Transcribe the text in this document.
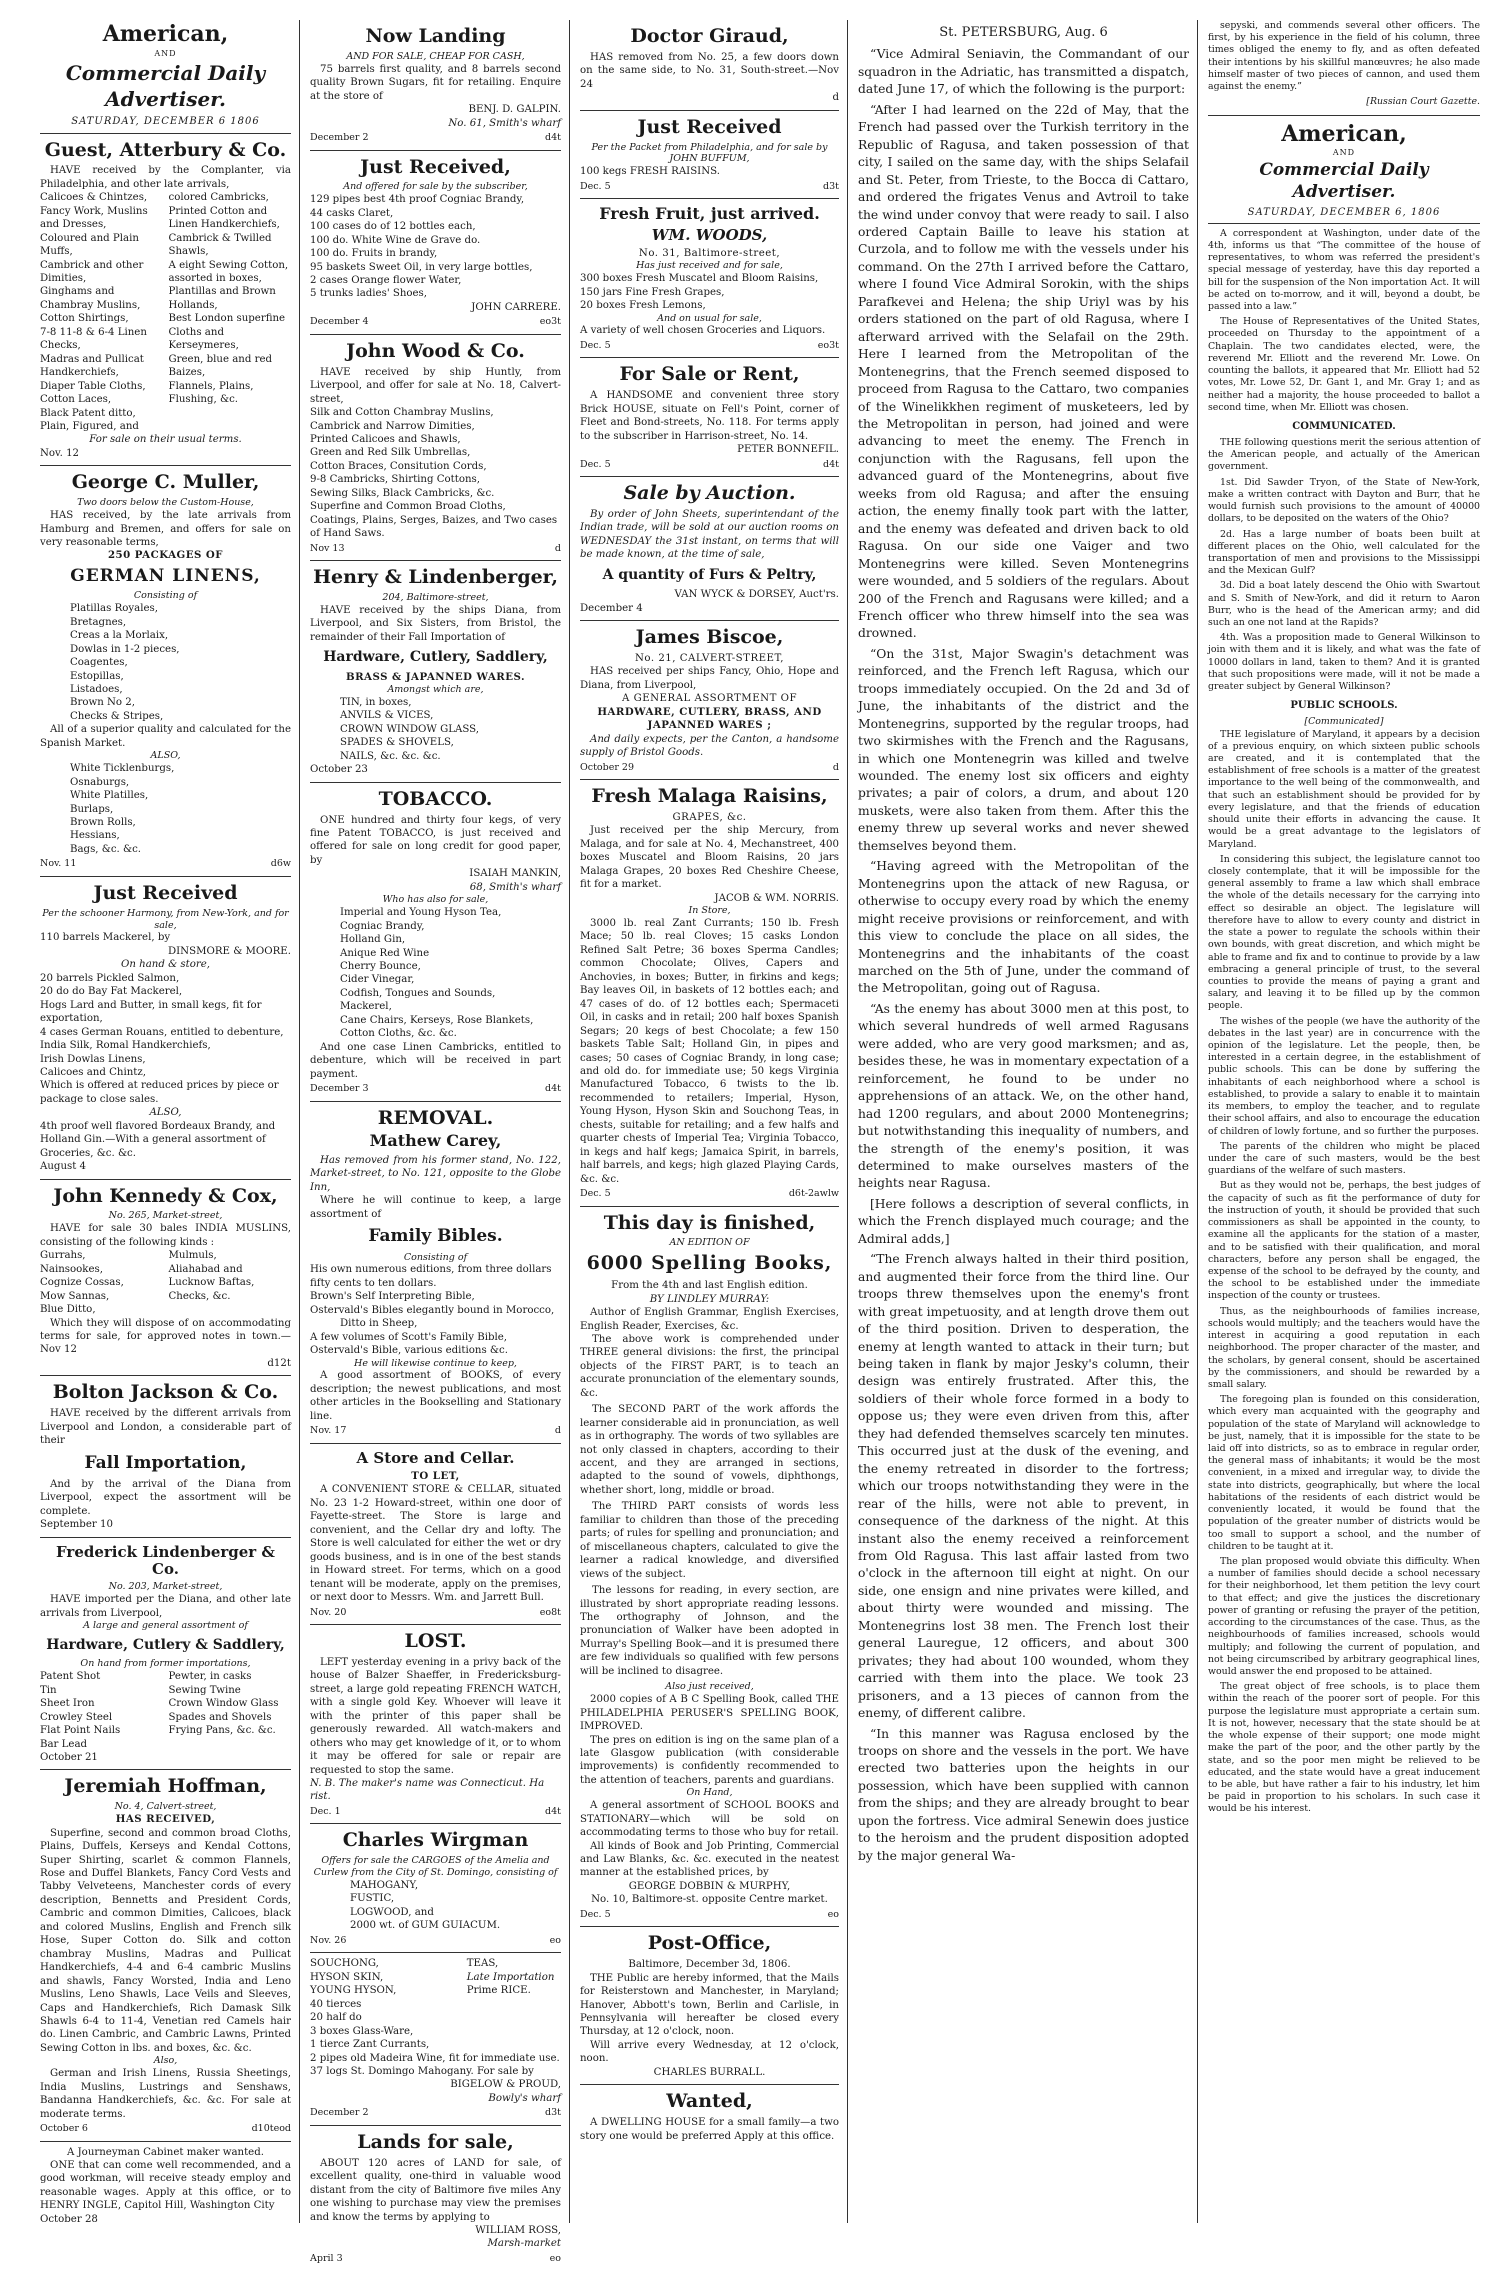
American,
AND
Commercial Daily Advertiser.
SATURDAY, DECEMBER 6 1806
Guest, Atterbury & Co.
HAVE received by the Complanter, via Philadelphia, and other late arrivals,
Calicoes & Chintzes,
Fancy Work, Muslins and Dresses,
Coloured and Plain Muffs,
Cambrick and other Dimities,
Ginghams and Chambray Muslins,
Cotton Shirtings,
7-8 11-8 & 6-4 Linen Checks,
Madras and Pullicat Handkerchiefs,
Diaper Table Cloths,
Cotton Laces,
Black Patent ditto,
Plain, Figured, and
colored Cambricks,
Printed Cotton and Linen Handkerchiefs,
Cambrick & Twilled Shawls,
A eight Sewing Cotton, assorted in boxes,
Plantillas and Brown Hollands,
Best London superfine Cloths and Kerseymeres,
Green, blue and red Baizes,
Flannels, Plains, Flushing, &c.
For sale on their usual terms.
Nov. 12
George C. Muller,
Two doors below the Custom-House,
HAS received, by the late arrivals from Hamburg and Bremen, and offers for sale on very reasonable terms,
250 PACKAGES OF
GERMAN LINENS,
Consisting of
Platillas Royales,
Bretagnes,
Creas a la Morlaix,
Dowlas in 1-2 pieces,
Coagentes,
Estopillas,
Listadoes,
Brown No 2,
Checks & Stripes,
All of a superior quality and calculated for the Spanish Market.
ALSO,
White Ticklenburgs,
Osnaburgs,
White Platilles,
Burlaps,
Brown Rolls,
Hessians,
Bags, &c. &c.
Nov. 11	d6w
Just Received
Per the schooner Harmony, from New-York, and for sale,
110 barrels Mackerel, by
DINSMORE & MOORE.
On hand & store,
20 barrels Pickled Salmon,
20 do do Bay Fat Mackerel,
Hogs Lard and Butter, in small kegs, fit for exportation,
4 cases German Rouans, entitled to debenture,
India Silk, Romal Handkerchiefs,
Irish Dowlas Linens,
Calicoes and Chintz,
Which is offered at reduced prices by piece or package to close sales.
ALSO,
4th proof well flavored Bordeaux Brandy, and Holland Gin.—With a general assortment of Groceries, &c. &c.
August 4
John Kennedy & Cox,
No. 265, Market-street,
HAVE for sale 30 bales INDIA MUSLINS, consisting of the following kinds :
Gurrahs,
Nainsookes,
Cognize Cossas,
Mow Sannas,
Blue Ditto,
Mulmuls,
Aliahabad and Lucknow Baftas,
Checks, &c.
Which they will dispose of on accommodating terms for sale, for approved notes in town.—Nov 12
d12t
Bolton Jackson & Co.
HAVE received by the different arrivals from Liverpool and London, a considerable part of their
Fall Importation,
And by the arrival of the Diana from Liverpool, expect the assortment will be complete.
September 10
Frederick Lindenberger & Co.
No. 203, Market-street,
HAVE imported per the Diana, and other late arrivals from Liverpool,
A large and general assortment of
Hardware, Cutlery & Saddlery,
On hand from former importations,
Patent Shot
Tin
Sheet Iron
Crowley Steel
Flat Point Nails
Bar Lead
Pewter, in casks
Sewing Twine
Crown Window Glass
Spades and Shovels
Frying Pans, &c. &c.
October 21
Jeremiah Hoffman,
No. 4, Calvert-street,
HAS RECEIVED,
Superfine, second and common broad Cloths, Plains, Duffels, Kerseys and Kendal Cottons, Super Shirting, scarlet & common Flannels, Rose and Duffel Blankets, Fancy Cord Vests and Tabby Velveteens, Manchester cords of every description, Bennetts and President Cords, Cambric and common Dimities, Calicoes, black and colored Muslins, English and French silk Hose, Super Cotton do. Silk and cotton chambray Muslins, Madras and Pullicat Handkerchiefs, 4-4 and 6-4 cambric Muslins and shawls, Fancy Worsted, India and Leno Muslins, Leno Shawls, Lace Veils and Sleeves, Caps and Handkerchiefs, Rich Damask Silk Shawls 6-4 to 11-4, Venetian red Camels hair do. Linen Cambric, and Cambric Lawns, Printed Sewing Cotton in lbs. and boxes, &c. &c.
Also,
German and Irish Linens, Russia Sheetings, India Muslins, Lustrings and Senshaws, Bandanna Handkerchiefs, &c. &c. For sale at moderate terms.
October 6	d10teod
A Journeyman Cabinet maker wanted.
ONE that can come well recommended, and a good workman, will receive steady employ and reasonable wages. Apply at this office, or to HENRY INGLE, Capitol Hill, Washington City
October 28
Now Landing
AND FOR SALE, CHEAP FOR CASH,
75 barrels first quality, and 8 barrels second quality Brown Sugars, fit for retailing. Enquire at the store of
BENJ. D. GALPIN.
No. 61, Smith's wharf
December 2	d4t
Just Received,
And offered for sale by the subscriber,
129 pipes best 4th proof Cogniac Brandy,
44 casks Claret,
100 cases do of 12 bottles each,
100 do. White Wine de Grave do.
100 do. Fruits in brandy,
95 baskets Sweet Oil, in very large bottles,
2 cases Orange flower Water,
5 trunks ladies' Shoes,
JOHN CARRERE.
December 4	eo3t
John Wood & Co.
HAVE received by ship Huntly, from Liverpool, and offer for sale at No. 18, Calvert-street,
Silk and Cotton Chambray Muslins,
Cambrick and Narrow Dimities,
Printed Calicoes and Shawls,
Green and Red Silk Umbrellas,
Cotton Braces, Consitution Cords,
9-8 Cambricks, Shirting Cottons,
Sewing Silks, Black Cambricks, &c.
Superfine and Common Broad Cloths,
Coatings, Plains, Serges, Baizes, and Two cases of Hand Saws.
Nov 13	d
Henry & Lindenberger,
204, Baltimore-street,
HAVE received by the ships Diana, from Liverpool, and Six Sisters, from Bristol, the remainder of their Fall Importation of
Hardware, Cutlery, Saddlery,
BRASS & JAPANNED WARES.
Amongst which are,
TIN, in boxes,
ANVILS & VICES,
CROWN WINDOW GLASS,
SPADES & SHOVELS,
NAILS, &c. &c. &c.
October 23
TOBACCO.
ONE hundred and thirty four kegs, of very fine Patent TOBACCO, is just received and offered for sale on long credit for good paper, by
ISAIAH MANKIN,
68, Smith's wharf
Who has also for sale,
Imperial and Young Hyson Tea,
Cogniac Brandy,
Holland Gin,
Anique Red Wine
Cherry Bounce,
Cider Vinegar,
Codfish, Tongues and Sounds,
Mackerel,
Cane Chairs, Kerseys, Rose Blankets, Cotton Cloths, &c. &c.
And one case Linen Cambricks, entitled to debenture, which will be received in part payment.
December 3	d4t
REMOVAL.
Mathew Carey,
Has removed from his former stand, No. 122, Market-street, to No. 121, opposite to the Globe Inn,
Where he will continue to keep, a large assortment of
Family Bibles.
Consisting of
His own numerous editions, from three dollars fifty cents to ten dollars.
Brown's Self Interpreting Bible,
Ostervald's Bibles elegantly bound in Morocco,
Ditto in Sheep,
A few volumes of Scott's Family Bible,
Ostervald's Bible, various editions &c.
He will likewise continue to keep,
A good assortment of BOOKS, of every description; the newest publications, and most other articles in the Bookselling and Stationary line.
Nov. 17	d
A Store and Cellar.
TO LET,
A CONVENIENT STORE & CELLAR, situated No. 23 1-2 Howard-street, within one door of Fayette-street. The Store is large and convenient, and the Cellar dry and lofty. The Store is well calculated for either the wet or dry goods business, and is in one of the best stands in Howard street. For terms, which on a good tenant will be moderate, apply on the premises, or next door to Messrs. Wm. and Jarrett Bull.
Nov. 20	eo8t
LOST.
LEFT yesterday evening in a privy back of the house of Balzer Shaeffer, in Fredericksburg-street, a large gold repeating FRENCH WATCH, with a single gold Key. Whoever will leave it with the printer of this paper shall be generously rewarded. All watch-makers and others who may get knowledge of it, or to whom it may be offered for sale or repair are requested to stop the same.
N. B. The maker's name was Connecticut. Ha rist.
Dec. 1	d4t
Charles Wirgman
Offers for sale the CARGOES of the Amelia and Curlew from the City of St. Domingo, consisting of
MAHOGANY,
FUSTIC,
LOGWOOD, and
2000 wt. of GUM GUIACUM.
Nov. 26	eo
SOUCHONG,
HYSON SKIN,
YOUNG HYSON,
40 tierces
20 half do
TEAS,
Late Importation
Prime RICE.
3 boxes Glass-Ware,
1 tierce Zant Currants,
2 pipes old Madeira Wine, fit for immediate use.
37 logs St. Domingo Mahogany. For sale by
BIGELOW & PROUD,
Bowly's wharf
December 2	d3t
Lands for sale,
ABOUT 120 acres of LAND for sale, of excellent quality, one-third in valuable wood distant from the city of Baltimore five miles Any one wishing to purchase may view the premises and know the terms by applying to
WILLIAM ROSS,
Marsh-market
April 3	eo
Doctor Giraud,
HAS removed from No. 25, a few doors down on the same side, to No. 31, South-street.—Nov 24
d
Just Received
Per the Packet from Philadelphia, and for sale by JOHN BUFFUM,
100 kegs FRESH RAISINS.
Dec. 5	d3t
Fresh Fruit, just arrived.
WM. WOODS,
No. 31, Baltimore-street,
Has just received and for sale,
300 boxes Fresh Muscatel and Bloom Raisins,
150 jars Fine Fresh Grapes,
20 boxes Fresh Lemons,
And on usual for sale,
A variety of well chosen Groceries and Liquors.
Dec. 5	eo3t
For Sale or Rent,
A HANDSOME and convenient three story Brick HOUSE, situate on Fell's Point, corner of Fleet and Bond-streets, No. 118. For terms apply to the subscriber in Harrison-street, No. 14.
PETER BONNEFIL.
Dec. 5	d4t
Sale by Auction.
By order of John Sheets, superintendant of the Indian trade, will be sold at our auction rooms on WEDNESDAY the 31st instant, on terms that will be made known, at the time of sale,
A quantity of Furs & Peltry,
VAN WYCK & DORSEY, Auct'rs.
December 4
James Biscoe,
No. 21, CALVERT-STREET,
HAS received per ships Fancy, Ohio, Hope and Diana, from Liverpool,
A GENERAL ASSORTMENT OF
HARDWARE, CUTLERY, BRASS, AND JAPANNED WARES ;
And daily expects, per the Canton, a handsome supply of Bristol Goods.
October 29	d
Fresh Malaga Raisins,
GRAPES, &c.
Just received per the ship Mercury, from Malaga, and for sale at No. 4, Mechanstreet, 400 boxes Muscatel and Bloom Raisins, 20 jars Malaga Grapes, 20 boxes Red Cheshire Cheese, fit for a market.
JACOB & WM. NORRIS.
In Store,
3000 lb. real Zant Currants; 150 lb. Fresh Mace; 50 lb. real Cloves; 15 casks London Refined Salt Petre; 36 boxes Sperma Candles; common Chocolate; Olives, Capers and Anchovies, in boxes; Butter, in firkins and kegs; Bay leaves Oil, in baskets of 12 bottles each; and 47 cases of do. of 12 bottles each; Spermaceti Oil, in casks and in retail; 200 half boxes Spanish Segars; 20 kegs of best Chocolate; a few 150 baskets Table Salt; Holland Gin, in pipes and cases; 50 cases of Cogniac Brandy, in long case; and old do. for immediate use; 50 kegs Virginia Manufactured Tobacco, 6 twists to the lb. recommended to retailers; Imperial, Hyson, Young Hyson, Hyson Skin and Souchong Teas, in chests, suitable for retailing; and a few halfs and quarter chests of Imperial Tea; Virginia Tobacco, in kegs and half kegs; Jamaica Spirit, in barrels, half barrels, and kegs; high glazed Playing Cards, &c. &c.
Dec. 5	d6t-2awlw
This day is finished,
AN EDITION OF
6000 Spelling Books,
From the 4th and last English edition.
BY LINDLEY MURRAY:
Author of English Grammar, English Exercises, English Reader, Exercises, &c.
The above work is comprehended under THREE general divisions: the first, the principal objects of the FIRST PART, is to teach an accurate pronunciation of the elementary sounds, &c.
The SECOND PART of the work affords the learner considerable aid in pronunciation, as well as in orthography. The words of two syllables are not only classed in chapters, according to their accent, and they are arranged in sections, adapted to the sound of vowels, diphthongs, whether short, long, middle or broad.
The THIRD PART consists of words less familiar to children than those of the preceding parts; of rules for spelling and pronunciation; and of miscellaneous chapters, calculated to give the learner a radical knowledge, and diversified views of the subject.
The lessons for reading, in every section, are illustrated by short appropriate reading lessons. The orthography of Johnson, and the pronunciation of Walker have been adopted in Murray's Spelling Book—and it is presumed there are few individuals so qualified with few persons will be inclined to disagree.
Also just received,
2000 copies of A B C Spelling Book, called THE PHILADELPHIA PERUSER'S SPELLING BOOK, IMPROVED.
The pres on edition is ing on the same plan of a late Glasgow publication (with considerable improvements) is confidently recommended to the attention of teachers, parents and guardians.
On Hand,
A general assortment of SCHOOL BOOKS and STATIONARY—which will be sold on accommodating terms to those who buy for retail.
All kinds of Book and Job Printing, Commercial and Law Blanks, &c. &c. executed in the neatest manner at the established prices, by
GEORGE DOBBIN & MURPHY,
No. 10, Baltimore-st. opposite Centre market.
Dec. 5	eo
Post-Office,
Baltimore, December 3d, 1806.
THE Public are hereby informed, that the Mails for Reisterstown and Manchester, in Maryland; Hanover, Abbott's town, Berlin and Carlisle, in Pennsylvania will hereafter be closed every Thursday, at 12 o'clock, noon.
Will arrive every Wednesday, at 12 o'clock, noon.
CHARLES BURRALL.
Wanted,
A DWELLING HOUSE for a small family—a two story one would be preferred Apply at this office.
St. PETERSBURG, Aug. 6
“Vice Admiral Seniavin, the Commandant of our squadron in the Adriatic, has transmitted a dispatch, dated June 17, of which the following is the purport:
“After I had learned on the 22d of May, that the French had passed over the Turkish territory in the Republic of Ragusa, and taken possession of that city, I sailed on the same day, with the ships Selafail and St. Peter, from Trieste, to the Bocca di Cattaro, and ordered the frigates Venus and Avtroil to take the wind under convoy that were ready to sail. I also ordered Captain Baille to leave his station at Curzola, and to follow me with the vessels under his command. On the 27th I arrived before the Cattaro, where I found Vice Admiral Sorokin, with the ships Parafkevei and Helena; the ship Uriyl was by his orders stationed on the part of old Ragusa, where I afterward arrived with the Selafail on the 29th. Here I learned from the Metropolitan of the Montenegrins, that the French seemed disposed to proceed from Ragusa to the Cattaro, two companies of the Winelikkhen regiment of musketeers, led by the Metropolitan in person, had joined and were advancing to meet the enemy. The French in conjunction with the Ragusans, fell upon the advanced guard of the Montenegrins, about five weeks from old Ragusa; and after the ensuing action, the enemy finally took part with the latter, and the enemy was defeated and driven back to old Ragusa. On our side one Vaiger and two Montenegrins were killed. Seven Montenegrins were wounded, and 5 soldiers of the regulars. About 200 of the French and Ragusans were killed; and a French officer who threw himself into the sea was drowned.
“On the 31st, Major Swagin's detachment was reinforced, and the French left Ragusa, which our troops immediately occupied. On the 2d and 3d of June, the inhabitants of the district and the Montenegrins, supported by the regular troops, had two skirmishes with the French and the Ragusans, in which one Montenegrin was killed and twelve wounded. The enemy lost six officers and eighty privates; a pair of colors, a drum, and about 120 muskets, were also taken from them. After this the enemy threw up several works and never shewed themselves beyond them.
“Having agreed with the Metropolitan of the Montenegrins upon the attack of new Ragusa, or otherwise to occupy every road by which the enemy might receive provisions or reinforcement, and with this view to conclude the place on all sides, the Montenegrins and the inhabitants of the coast marched on the 5th of June, under the command of the Metropolitan, going out of Ragusa.
“As the enemy has about 3000 men at this post, to which several hundreds of well armed Ragusans were added, who are very good marksmen; and as, besides these, he was in momentary expectation of a reinforcement, he found to be under no apprehensions of an attack. We, on the other hand, had 1200 regulars, and about 2000 Montenegrins; but notwithstanding this inequality of numbers, and the strength of the enemy's position, it was determined to make ourselves masters of the heights near Ragusa.
[Here follows a description of several conflicts, in which the French displayed much courage; and the Admiral adds,]
“The French always halted in their third position, and augmented their force from the third line. Our troops threw themselves upon the enemy's front with great impetuosity, and at length drove them out of the third position. Driven to desperation, the enemy at length wanted to attack in their turn; but being taken in flank by major Jesky's column, their design was entirely frustrated. After this, the soldiers of their whole force formed in a body to oppose us; they were even driven from this, after they had defended themselves scarcely ten minutes. This occurred just at the dusk of the evening, and the enemy retreated in disorder to the fortress; which our troops notwithstanding they were in the rear of the hills, were not able to prevent, in consequence of the darkness of the night. At this instant also the enemy received a reinforcement from Old Ragusa. This last affair lasted from two o'clock in the afternoon till eight at night. On our side, one ensign and nine privates were killed, and about thirty were wounded and missing. The Montenegrins lost 38 men. The French lost their general Lauregue, 12 officers, and about 300 privates; they had about 100 wounded, whom they carried with them into the place. We took 23 prisoners, and a 13 pieces of cannon from the enemy, of different calibre.
“In this manner was Ragusa enclosed by the troops on shore and the vessels in the port. We have erected two batteries upon the heights in our possession, which have been supplied with cannon from the ships; and they are already brought to bear upon the fortress. Vice admiral Senewin does justice to the heroism and the prudent disposition adopted by the major general Wa-
sepyski, and commends several other officers. The first, by his experience in the field of his column, three times obliged the enemy to fly, and as often defeated their intentions by his skillful manœuvres; he also made himself master of two pieces of cannon, and used them against the enemy.”
[Russian Court Gazette.
American,
AND
Commercial Daily Advertiser.
SATURDAY, DECEMBER 6, 1806
A correspondent at Washington, under date of the 4th, informs us that “The committee of the house of representatives, to whom was referred the president's special message of yesterday, have this day reported a bill for the suspension of the Non importation Act. It will be acted on to-morrow, and it will, beyond a doubt, be passed into a law.”
The House of Representatives of the United States, proceeded on Thursday to the appointment of a Chaplain. The two candidates elected, were, the reverend Mr. Elliott and the reverend Mr. Lowe. On counting the ballots, it appeared that Mr. Elliott had 52 votes, Mr. Lowe 52, Dr. Gant 1, and Mr. Gray 1; and as neither had a majority, the house proceeded to ballot a second time, when Mr. Elliott was chosen.
COMMUNICATED.
THE following questions merit the serious attention of the American people, and actually of the American government.
1st. Did Sawder Tryon, of the State of New-York, make a written contract with Dayton and Burr, that he would furnish such provisions to the amount of 40000 dollars, to be deposited on the waters of the Ohio?
2d. Has a large number of boats been built at different places on the Ohio, well calculated for the transportation of men and provisions to the Mississippi and the Mexican Gulf?
3d. Did a boat lately descend the Ohio with Swartout and S. Smith of New-York, and did it return to Aaron Burr, who is the head of the American army; and did such an one not land at the Rapids?
4th. Was a proposition made to General Wilkinson to join with them and it is likely, and what was the fate of 10000 dollars in land, taken to them? And it is granted that such propositions were made, will it not be made a greater subject by General Wilkinson?
PUBLIC SCHOOLS.
[Communicated]
THE legislature of Maryland, it appears by a decision of a previous enquiry, on which sixteen public schools are created, and it is contemplated that the establishment of free schools is a matter of the greatest importance to the well being of the commonwealth, and that such an establishment should be provided for by every legislature, and that the friends of education should unite their efforts in advancing the cause. It would be a great advantage to the legislators of Maryland.
In considering this subject, the legislature cannot too closely contemplate, that it will be impossible for the general assembly to frame a law which shall embrace the whole of the details necessary for the carrying into effect so desirable an object. The legislature will therefore have to allow to every county and district in the state a power to regulate the schools within their own bounds, with great discretion, and which might be able to frame and fix and to continue to provide by a law embracing a general principle of trust, to the several counties to provide the means of paying a grant and salary, and leaving it to be filled up by the common people.
The wishes of the people (we have the authority of the debates in the last year) are in concurrence with the opinion of the legislature. Let the people, then, be interested in a certain degree, in the establishment of public schools. This can be done by suffering the inhabitants of each neighborhood where a school is established, to provide a salary to enable it to maintain its members, to employ the teacher, and to regulate their school affairs, and also to encourage the education of children of lowly fortune, and so further the purposes.
The parents of the children who might be placed under the care of such masters, would be the best guardians of the welfare of such masters.
But as they would not be, perhaps, the best judges of the capacity of such as fit the performance of duty for the instruction of youth, it should be provided that such commissioners as shall be appointed in the county, to examine all the applicants for the station of a master, and to be satisfied with their qualification, and moral characters, before any person shall be engaged, the expense of the school to be defrayed by the county, and the school to be established under the immediate inspection of the county or trustees.
Thus, as the neighbourhoods of families increase, schools would multiply; and the teachers would have the interest in acquiring a good reputation in each neighborhood. The proper character of the master, and the scholars, by general consent, should be ascertained by the commissioners, and should be rewarded by a small salary.
The foregoing plan is founded on this consideration, which every man acquainted with the geography and population of the state of Maryland will acknowledge to be just, namely, that it is impossible for the state to be laid off into districts, so as to embrace in regular order, the general mass of inhabitants; it would be the most convenient, in a mixed and irregular way, to divide the state into districts, geographically, but where the local habitations of the residents of each district would be conveniently located, it would be found that the population of the greater number of districts would be too small to support a school, and the number of children to be taught at it.
The plan proposed would obviate this difficulty. When a number of families should decide a school necessary for their neighborhood, let them petition the levy court to that effect; and give the justices the discretionary power of granting or refusing the prayer of the petition, according to the circumstances of the case. Thus, as the neighbourhoods of families increased, schools would multiply; and following the current of population, and not being circumscribed by arbitrary geographical lines, would answer the end proposed to be attained.
The great object of free schools, is to place them within the reach of the poorer sort of people. For this purpose the legislature must appropriate a certain sum. It is not, however, necessary that the state should be at the whole expense of their support; one mode might make the part of the poor, and the other partly by the state, and so the poor men might be relieved to be educated, and the state would have a great inducement to be able, but have rather a fair to his industry, let him be paid in proportion to his scholars. In such case it would be his interest.
